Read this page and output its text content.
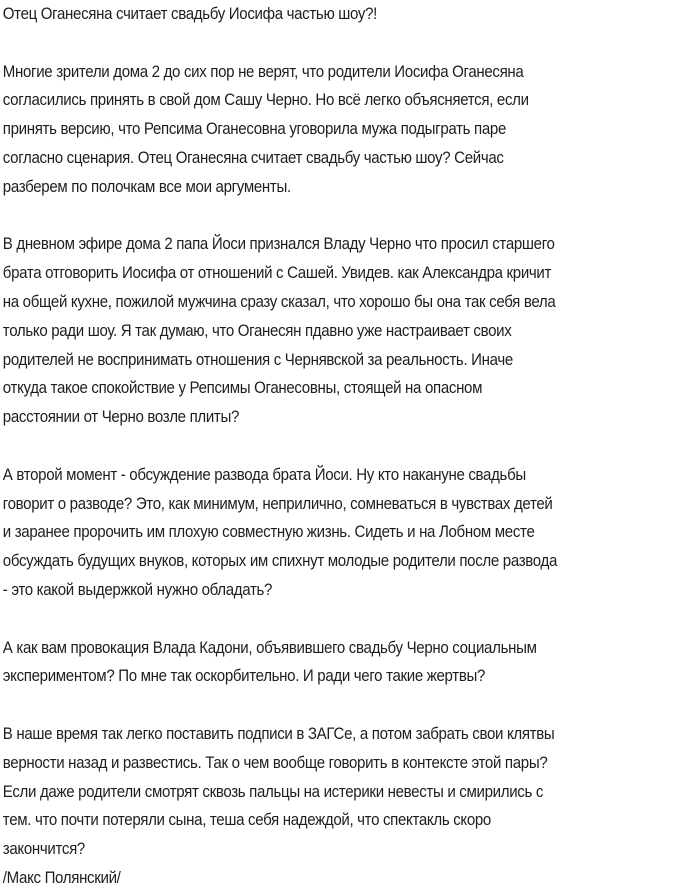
Отец Оганесяна считает свадьбу Иосифа частью шоу?!
Многие зрители дома 2 до сих пор не верят, что родители Иосифа Оганесяна
согласились принять в свой дом Сашу Черно. Но всё легко объясняется, если
принять версию, что Репсима Оганесовна уговорила мужа подыграть паре
согласно сценария. Отец Оганесяна считает свадьбу частью шоу? Сейчас
разберем по полочкам все мои аргументы.
В дневном эфире дома 2 папа Йоси признался Владу Черно что просил старшего
брата отговорить Иосифа от отношений с Сашей. Увидев. как Александра кричит
на общей кухне, пожилой мужчина сразу сказал, что хорошо бы она так себя вела
только ради шоу. Я так думаю, что Оганесян пдавно уже настраивает своих
родителей не воспринимать отношения с Чернявской за реальность. Иначе
откуда такое спокойствие у Репсимы Оганесовны, стоящей на опасном
расстоянии от Черно возле плиты?
А второй момент - обсуждение развода брата Йоси. Ну кто накануне свадьбы
говорит о разводе? Это, как минимум, неприлично, сомневаться в чувствах детей
и заранее пророчить им плохую совместную жизнь. Сидеть и на Лобном месте
обсуждать будущих внуков, которых им спихнут молодые родители после развода
- это какой выдержкой нужно обладать?
А как вам провокация Влада Кадони, объявившего свадьбу Черно социальным
экспериментом? По мне так оскорбительно. И ради чего такие жертвы?
В наше время так легко поставить подписи в ЗАГСе, а потом забрать свои клятвы
верности назад и развестись. Так о чем вообще говорить в контексте этой пары?
Если даже родители смотрят сквозь пальцы на истерики невесты и смирились с
тем. что почти потеряли сына, теша себя надеждой, что спектакль скоро
закончится?
/Макс Полянский/
